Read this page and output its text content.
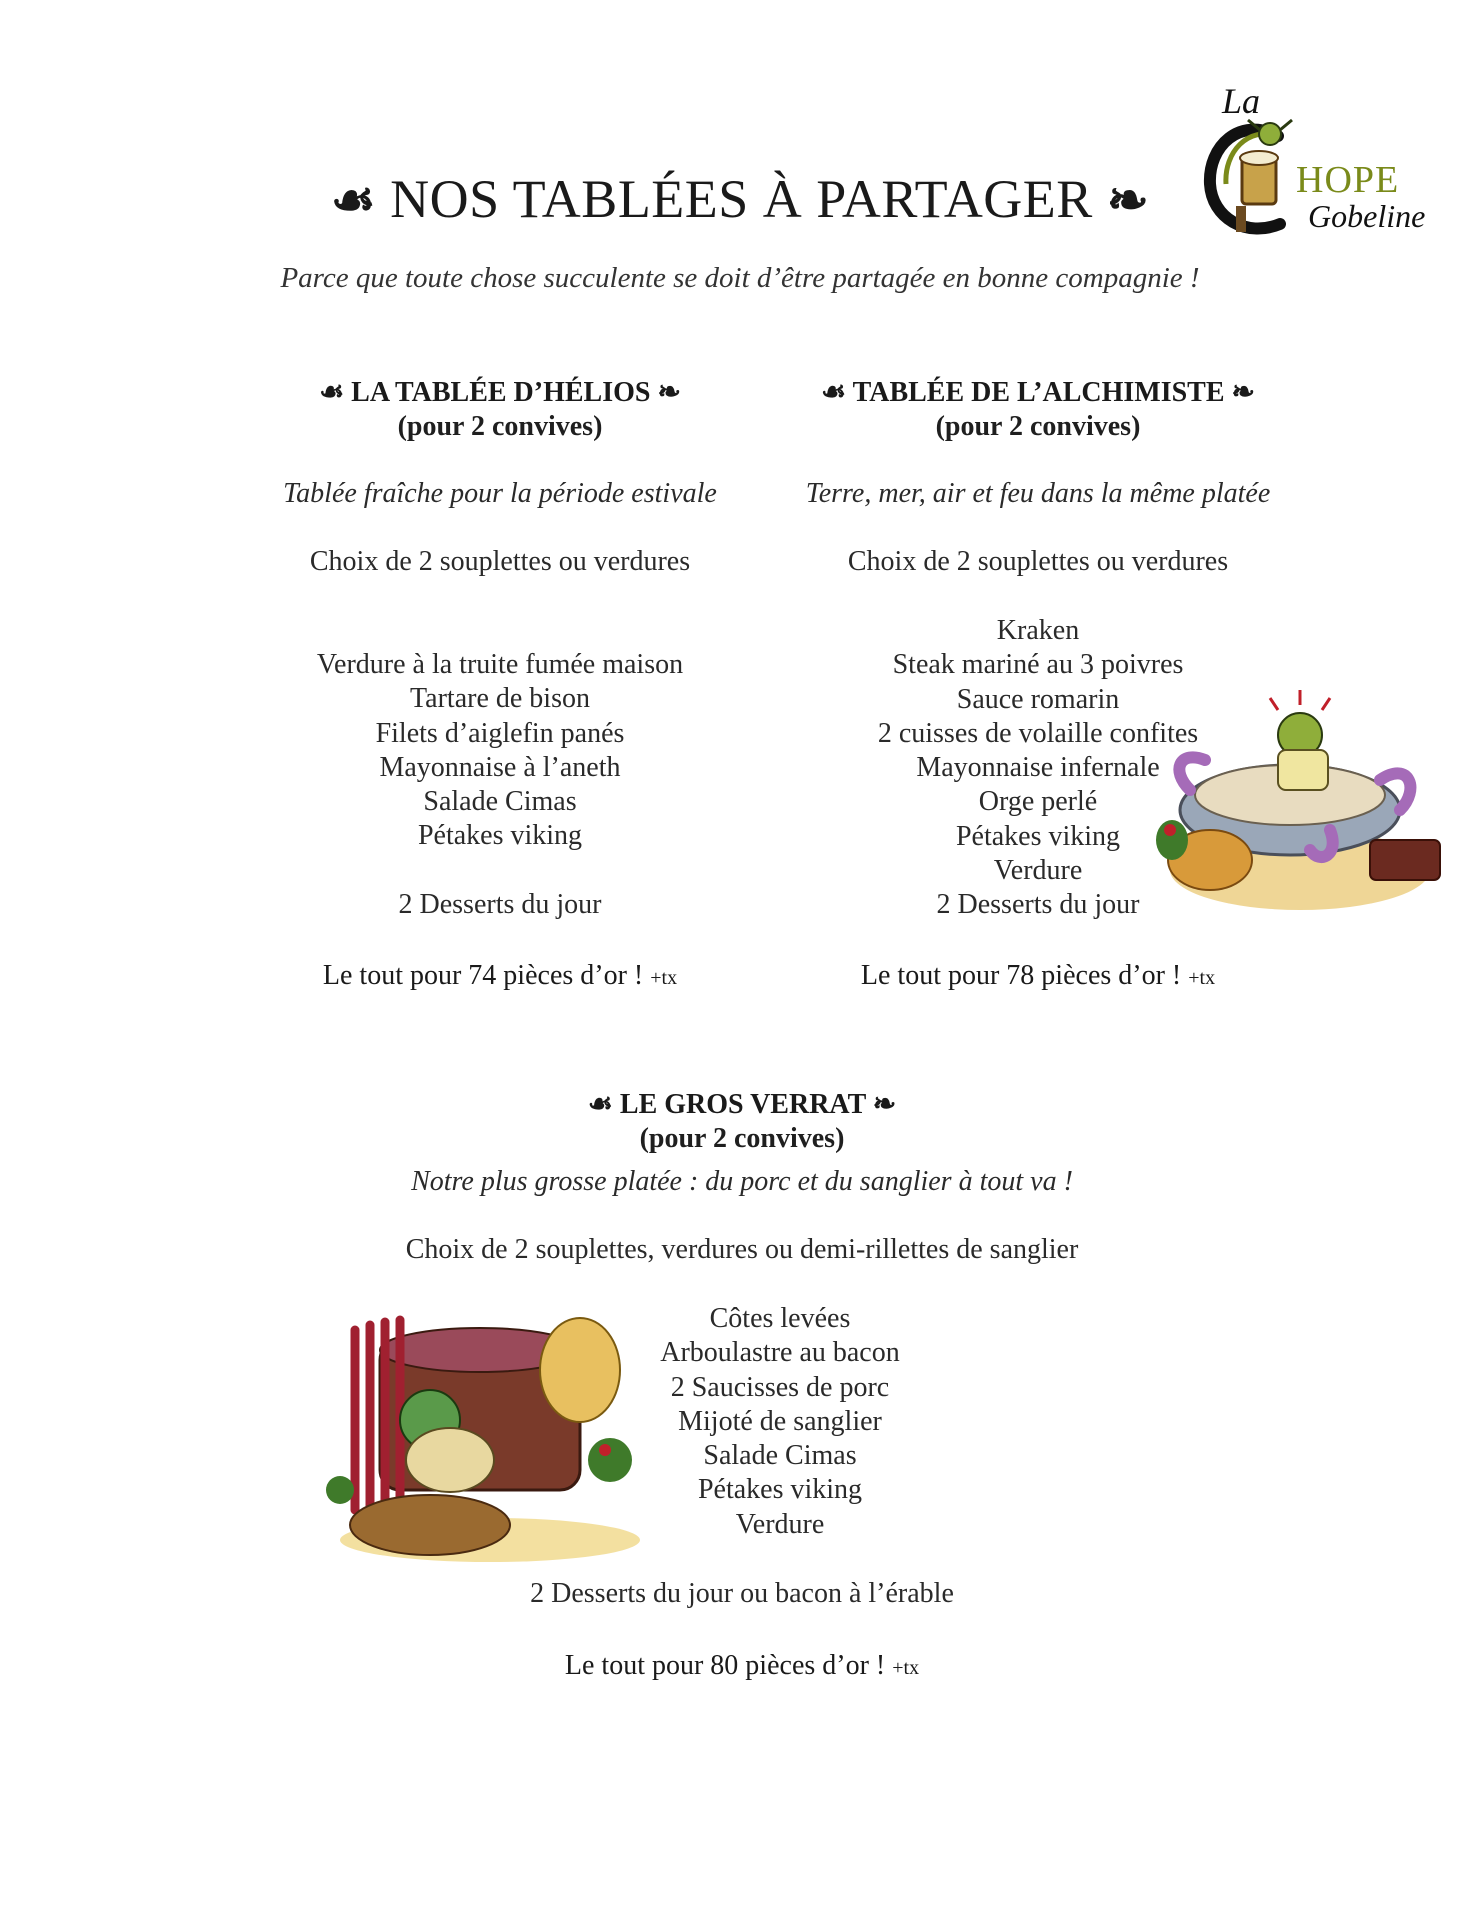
☙ NOS TABLÉES À PARTAGER ❧
Parce que toute chose succulente se doit d’être partagée en bonne compagnie !
La
HOPE
Gobeline
☙ LA TABLÉE D’HÉLIOS ❧
(pour 2 convives)
Tablée fraîche pour la période estivale
Choix de 2 souplettes ou verdures
Verdure à la truite fumée maison
Tartare de bison
Filets d’aiglefin panés
Mayonnaise à l’aneth
Salade Cimas
Pétakes viking
2 Desserts du jour
Le tout pour 74 pièces d’or ! +tx
☙ TABLÉE DE L’ALCHIMISTE ❧
(pour 2 convives)
Terre, mer, air et feu dans la même platée
Choix de 2 souplettes ou verdures
Kraken
Steak mariné au 3 poivres
Sauce romarin
2 cuisses de volaille confites
Mayonnaise infernale
Orge perlé
Pétakes viking
Verdure
2 Desserts du jour
Le tout pour 78 pièces d’or ! +tx
☙ LE GROS VERRAT ❧
(pour 2 convives)
Notre plus grosse platée : du porc et du sanglier à tout va !
Choix de 2 souplettes, verdures ou demi-rillettes de sanglier
Côtes levées
Arboulastre au bacon
2 Saucisses de porc
Mijoté de sanglier
Salade Cimas
Pétakes viking
Verdure
2 Desserts du jour ou bacon à l’érable
Le tout pour 80 pièces d’or ! +tx
